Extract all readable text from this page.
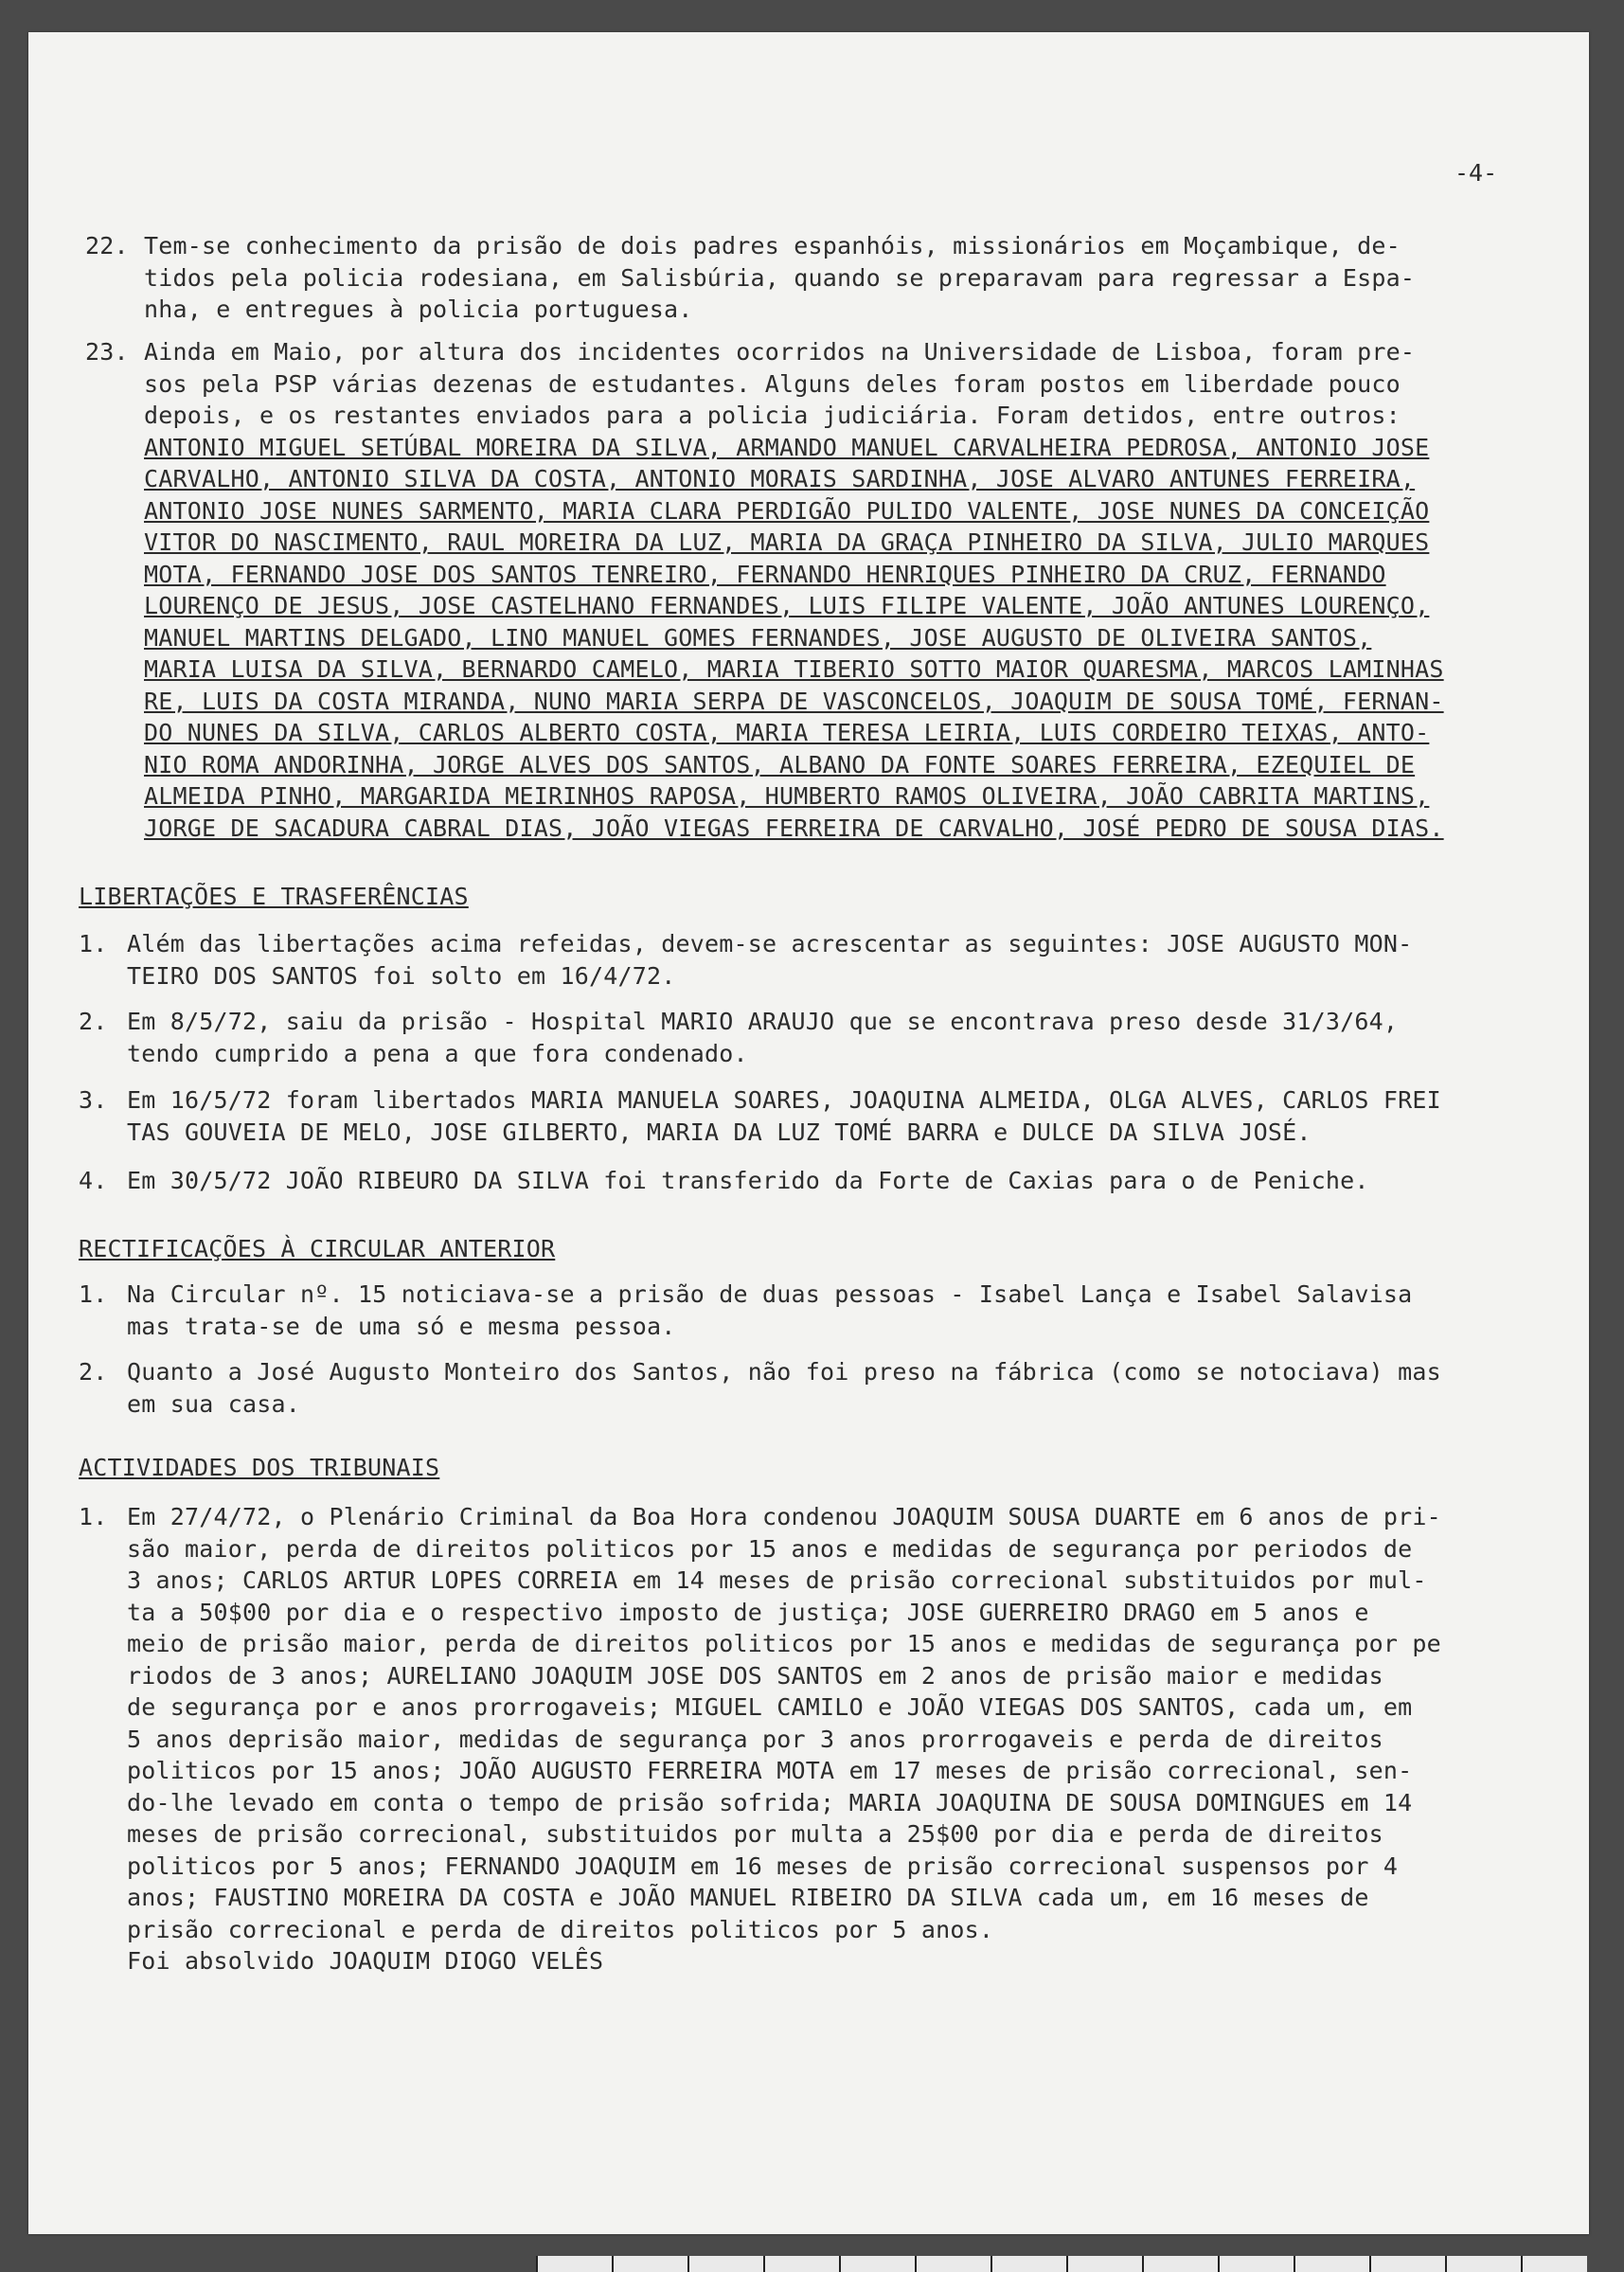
-4-
22. Tem-se conhecimento da prisão de dois padres espanhóis, missionários em Moçambique, de-
tidos pela policia rodesiana, em Salisbúria, quando se preparavam para regressar a Espa-
nha, e entregues à policia portuguesa.
23. Ainda em Maio, por altura dos incidentes ocorridos na Universidade de Lisboa, foram pre-
sos pela PSP várias dezenas de estudantes. Alguns deles foram postos em liberdade pouco
depois, e os restantes enviados para a policia judiciária. Foram detidos, entre outros:
ANTONIO MIGUEL SETÚBAL MOREIRA DA SILVA, ARMANDO MANUEL CARVALHEIRA PEDROSA, ANTONIO JOSE
CARVALHO, ANTONIO SILVA DA COSTA, ANTONIO MORAIS SARDINHA, JOSE ALVARO ANTUNES FERREIRA,
ANTONIO JOSE NUNES SARMENTO, MARIA CLARA PERDIGÃO PULIDO VALENTE, JOSE NUNES DA CONCEIÇÃO
VITOR DO NASCIMENTO, RAUL MOREIRA DA LUZ, MARIA DA GRAÇA PINHEIRO DA SILVA, JULIO MARQUES
MOTA, FERNANDO JOSE DOS SANTOS TENREIRO, FERNANDO HENRIQUES PINHEIRO DA CRUZ, FERNANDO
LOURENÇO DE JESUS, JOSE CASTELHANO FERNANDES, LUIS FILIPE VALENTE, JOÃO ANTUNES LOURENÇO,
MANUEL MARTINS DELGADO, LINO MANUEL GOMES FERNANDES, JOSE AUGUSTO DE OLIVEIRA SANTOS,
MARIA LUISA DA SILVA, BERNARDO CAMELO, MARIA TIBERIO SOTTO MAIOR QUARESMA, MARCOS LAMINHAS
RE, LUIS DA COSTA MIRANDA, NUNO MARIA SERPA DE VASCONCELOS, JOAQUIM DE SOUSA TOMÉ, FERNAN-
DO NUNES DA SILVA, CARLOS ALBERTO COSTA, MARIA TERESA LEIRIA, LUIS CORDEIRO TEIXAS, ANTO-
NIO ROMA ANDORINHA, JORGE ALVES DOS SANTOS, ALBANO DA FONTE SOARES FERREIRA, EZEQUIEL DE
ALMEIDA PINHO, MARGARIDA MEIRINHOS RAPOSA, HUMBERTO RAMOS OLIVEIRA, JOÃO CABRITA MARTINS,
JORGE DE SACADURA CABRAL DIAS, JOÃO VIEGAS FERREIRA DE CARVALHO, JOSÉ PEDRO DE SOUSA DIAS.
LIBERTAÇÕES E TRASFERÊNCIAS
1. Além das libertações acima refeidas, devem-se acrescentar as seguintes: JOSE AUGUSTO MON-
TEIRO DOS SANTOS foi solto em 16/4/72.
2. Em 8/5/72, saiu da prisão - Hospital MARIO ARAUJO que se encontrava preso desde 31/3/64,
tendo cumprido a pena a que fora condenado.
3. Em 16/5/72 foram libertados MARIA MANUELA SOARES, JOAQUINA ALMEIDA, OLGA ALVES, CARLOS FREI
TAS GOUVEIA DE MELO, JOSE GILBERTO, MARIA DA LUZ TOMÉ BARRA e DULCE DA SILVA JOSÉ.
4. Em 30/5/72 JOÃO RIBEURO DA SILVA foi transferido da Forte de Caxias para o de Peniche.
RECTIFICAÇÕES À CIRCULAR ANTERIOR
1. Na Circular nº. 15 noticiava-se a prisão de duas pessoas - Isabel Lança e Isabel Salavisa
mas trata-se de uma só e mesma pessoa.
2. Quanto a José Augusto Monteiro dos Santos, não foi preso na fábrica (como se notociava) mas
em sua casa.
ACTIVIDADES DOS TRIBUNAIS
1. Em 27/4/72, o Plenário Criminal da Boa Hora condenou JOAQUIM SOUSA DUARTE em 6 anos de pri-
são maior, perda de direitos politicos por 15 anos e medidas de segurança por periodos de
3 anos; CARLOS ARTUR LOPES CORREIA em 14 meses de prisão correcional substituidos por mul-
ta a 50$00 por dia e o respectivo imposto de justiça; JOSE GUERREIRO DRAGO em 5 anos e
meio de prisão maior, perda de direitos politicos por 15 anos e medidas de segurança por pe
riodos de 3 anos; AURELIANO JOAQUIM JOSE DOS SANTOS em 2 anos de prisão maior e medidas
de segurança por e anos prorrogaveis; MIGUEL CAMILO e JOÃO VIEGAS DOS SANTOS, cada um, em
5 anos deprisão maior, medidas de segurança por 3 anos prorrogaveis e perda de direitos
politicos por 15 anos; JOÃO AUGUSTO FERREIRA MOTA em 17 meses de prisão correcional, sen-
do-lhe levado em conta o tempo de prisão sofrida; MARIA JOAQUINA DE SOUSA DOMINGUES em 14
meses de prisão correcional, substituidos por multa a 25$00 por dia e perda de direitos
politicos por 5 anos; FERNANDO JOAQUIM em 16 meses de prisão correcional suspensos por 4
anos; FAUSTINO MOREIRA DA COSTA e JOÃO MANUEL RIBEIRO DA SILVA cada um, em 16 meses de
prisão correcional e perda de direitos politicos por 5 anos.
Foi absolvido JOAQUIM DIOGO VELÊS
